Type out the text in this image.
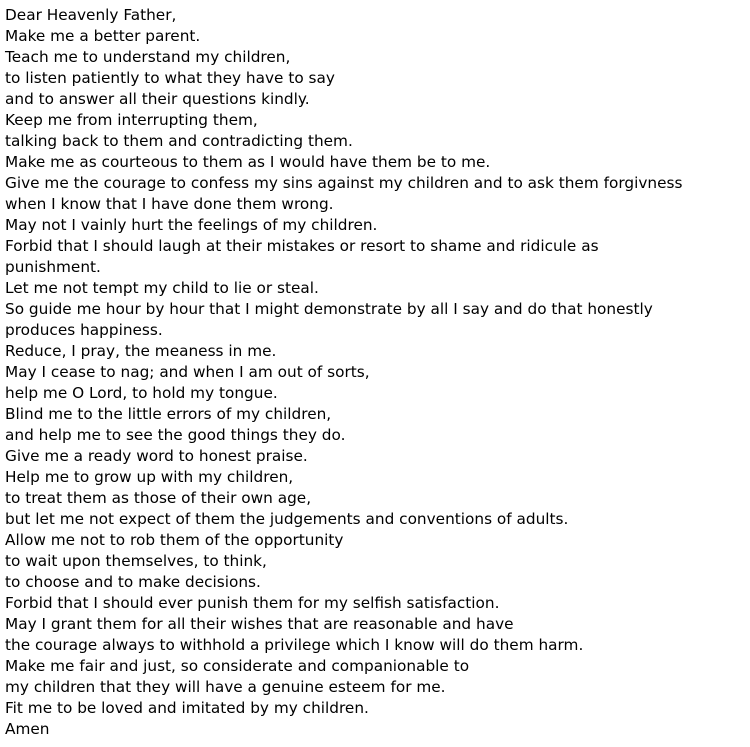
Dear Heavenly Father,
Make me a better parent.
Teach me to understand my children,
to listen patiently to what they have to say
and to answer all their questions kindly.
Keep me from interrupting them,
talking back to them and contradicting them.
Make me as courteous to them as I would have them be to me.
Give me the courage to confess my sins against my children and to ask them forgivness
when I know that I have done them wrong.
May not I vainly hurt the feelings of my children.
Forbid that I should laugh at their mistakes or resort to shame and ridicule as
punishment.
Let me not tempt my child to lie or steal.
So guide me hour by hour that I might demonstrate by all I say and do that honestly
produces happiness.
Reduce, I pray, the meaness in me.
May I cease to nag; and when I am out of sorts,
help me O Lord, to hold my tongue.
Blind me to the little errors of my children,
and help me to see the good things they do.
Give me a ready word to honest praise.
Help me to grow up with my children,
to treat them as those of their own age,
but let me not expect of them the judgements and conventions of adults.
Allow me not to rob them of the opportunity
to wait upon themselves, to think,
to choose and to make decisions.
Forbid that I should ever punish them for my selfish satisfaction.
May I grant them for all their wishes that are reasonable and have
the courage always to withhold a privilege which I know will do them harm.
Make me fair and just, so considerate and companionable to
my children that they will have a genuine esteem for me.
Fit me to be loved and imitated by my children.
Amen
